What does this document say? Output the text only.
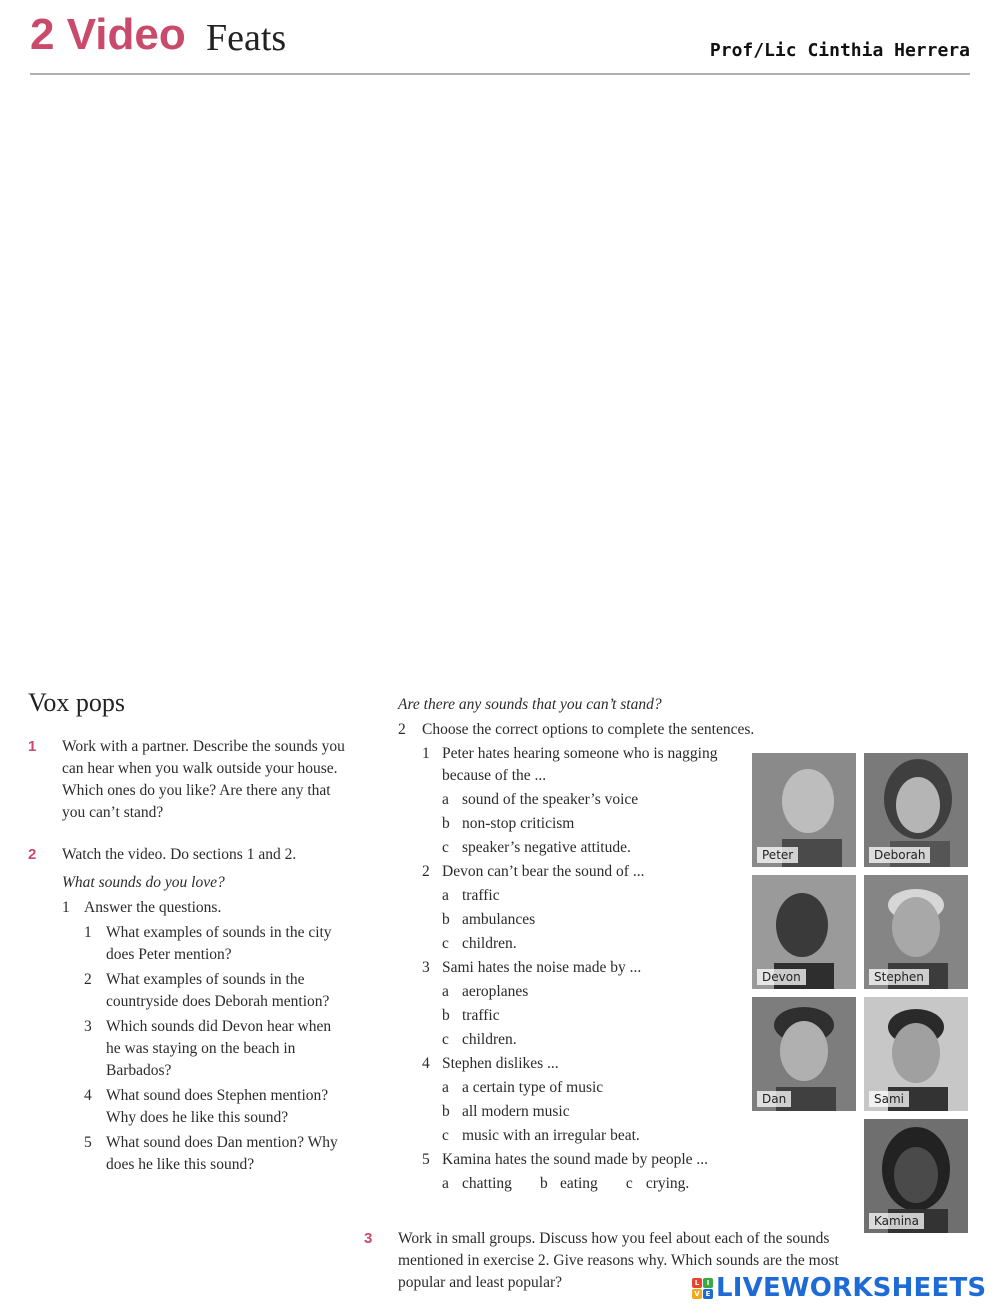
2 Video Feats	Prof/Lic Cinthia Herrera
Vox pops
1 Work with a partner. Describe the sounds you can hear when you walk outside your house. Which ones do you like? Are there any that you can’t stand?
2 Watch the video. Do sections 1 and 2.
What sounds do you love?
1 Answer the questions.
1 What examples of sounds in the city does Peter mention?
2 What examples of sounds in the countryside does Deborah mention?
3 Which sounds did Devon hear when he was staying on the beach in Barbados?
4 What sound does Stephen mention? Why does he like this sound?
5 What sound does Dan mention? Why does he like this sound?
Are there any sounds that you can’t stand?
2 Choose the correct options to complete the sentences.
1 Peter hates hearing someone who is nagging because of the ...
a sound of the speaker’s voice
b non-stop criticism
c speaker’s negative attitude.
2 Devon can’t bear the sound of ...
a traffic
b ambulances
c children.
3 Sami hates the noise made by ...
a aeroplanes
b traffic
c children.
4 Stephen dislikes ...
a a certain type of music
b all modern music
c music with an irregular beat.
5 Kamina hates the sound made by people ...
a chatting b eating c crying.
3 Work in small groups. Discuss how you feel about each of the sounds mentioned in exercise 2. Give reasons why. Which sounds are the most popular and least popular?
Peter	Deborah
Devon	Stephen
Dan	Sami
Kamina
L	I
V E LIVEWORKSHEETS
